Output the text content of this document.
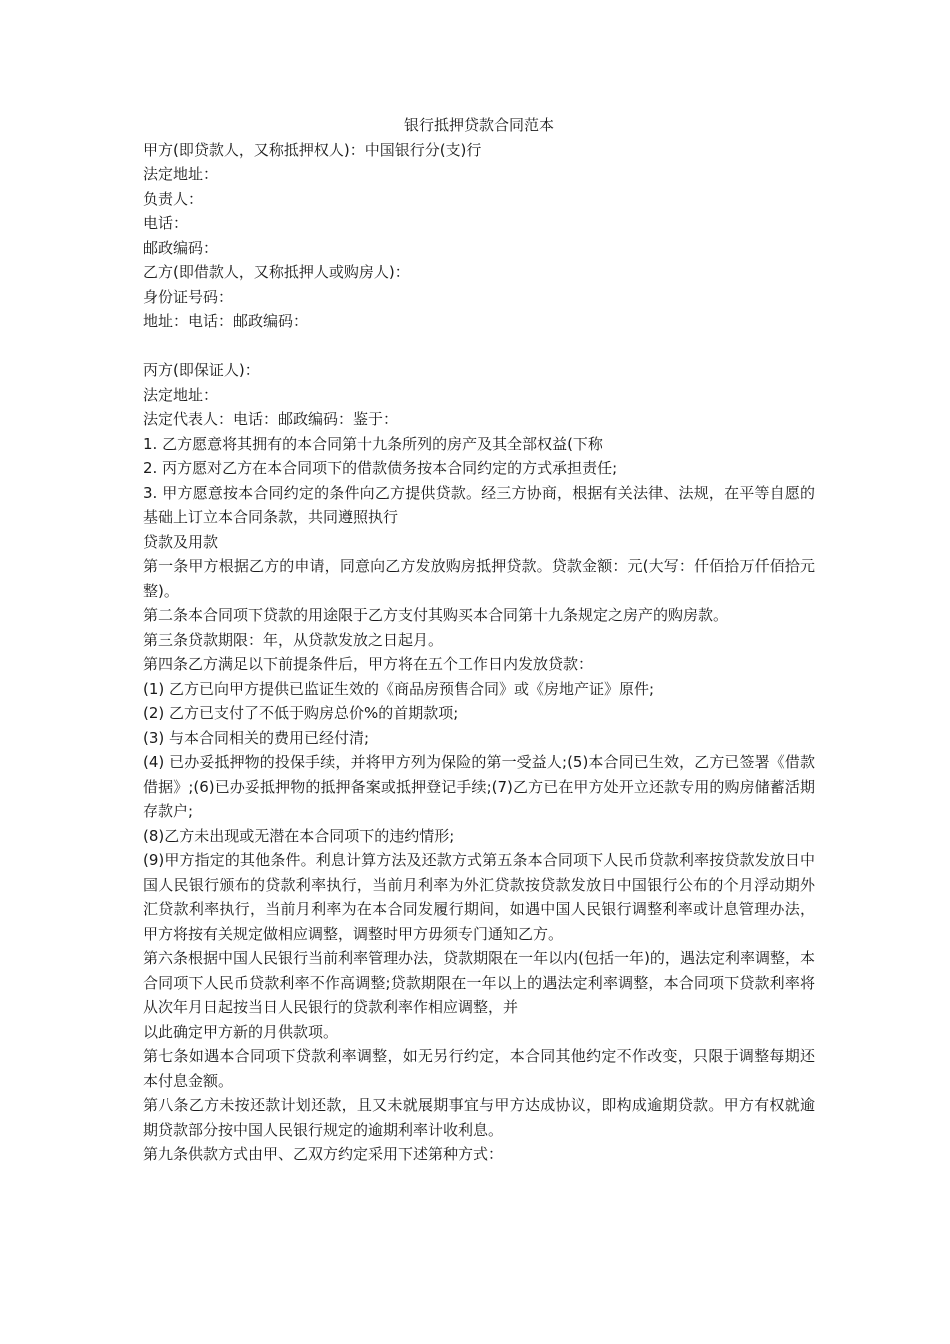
银行抵押贷款合同范本

甲方(即贷款人，又称抵押权人)：中国银行分(支)行

法定地址：

负责人：

电话：

邮政编码：

乙方(即借款人，又称抵押人或购房人)：

身份证号码：

地址：电话：邮政编码：

丙方(即保证人)：

法定地址：

法定代表人：电话：邮政编码：鉴于：

1. 乙方愿意将其拥有的本合同第十九条所列的房产及其全部权益(下称

2. 丙方愿对乙方在本合同项下的借款债务按本合同约定的方式承担责任;

3. 甲方愿意按本合同约定的条件向乙方提供贷款。经三方协商，根据有关法律、法规，在平等自愿的基础上订立本合同条款，共同遵照执行

贷款及用款

第一条甲方根据乙方的申请，同意向乙方发放购房抵押贷款。贷款金额：元(大写：仟佰拾万仟佰拾元整)。

第二条本合同项下贷款的用途限于乙方支付其购买本合同第十九条规定之房产的购房款。

第三条贷款期限：年，从贷款发放之日起月。

第四条乙方满足以下前提条件后，甲方将在五个工作日内发放贷款：

(1) 乙方已向甲方提供已监证生效的《商品房预售合同》或《房地产证》原件;

(2) 乙方已支付了不低于购房总价%的首期款项;

(3) 与本合同相关的费用已经付清;

(4) 已办妥抵押物的投保手续，并将甲方列为保险的第一受益人;(5)本合同已生效，乙方已签署《借款借据》;(6)已办妥抵押物的抵押备案或抵押登记手续;(7)乙方已在甲方处开立还款专用的购房储蓄活期存款户;

(8)乙方未出现或无潜在本合同项下的违约情形;

(9)甲方指定的其他条件。利息计算方法及还款方式第五条本合同项下人民币贷款利率按贷款发放日中国人民银行颁布的贷款利率执行，当前月利率为外汇贷款按贷款发放日中国银行公布的个月浮动期外汇贷款利率执行，当前月利率为在本合同发履行期间，如遇中国人民银行调整利率或计息管理办法，甲方将按有关规定做相应调整，调整时甲方毋须专门通知乙方。

第六条根据中国人民银行当前利率管理办法，贷款期限在一年以内(包括一年)的，遇法定利率调整，本合同项下人民币贷款利率不作高调整;贷款期限在一年以上的遇法定利率调整，本合同项下贷款利率将从次年月日起按当日人民银行的贷款利率作相应调整，并

以此确定甲方新的月供款项。

第七条如遇本合同项下贷款利率调整，如无另行约定，本合同其他约定不作改变，只限于调整每期还本付息金额。

第八条乙方未按还款计划还款，且又未就展期事宜与甲方达成协议，即构成逾期贷款。甲方有权就逾期贷款部分按中国人民银行规定的逾期利率计收利息。

第九条供款方式由甲、乙双方约定采用下述第种方式：
